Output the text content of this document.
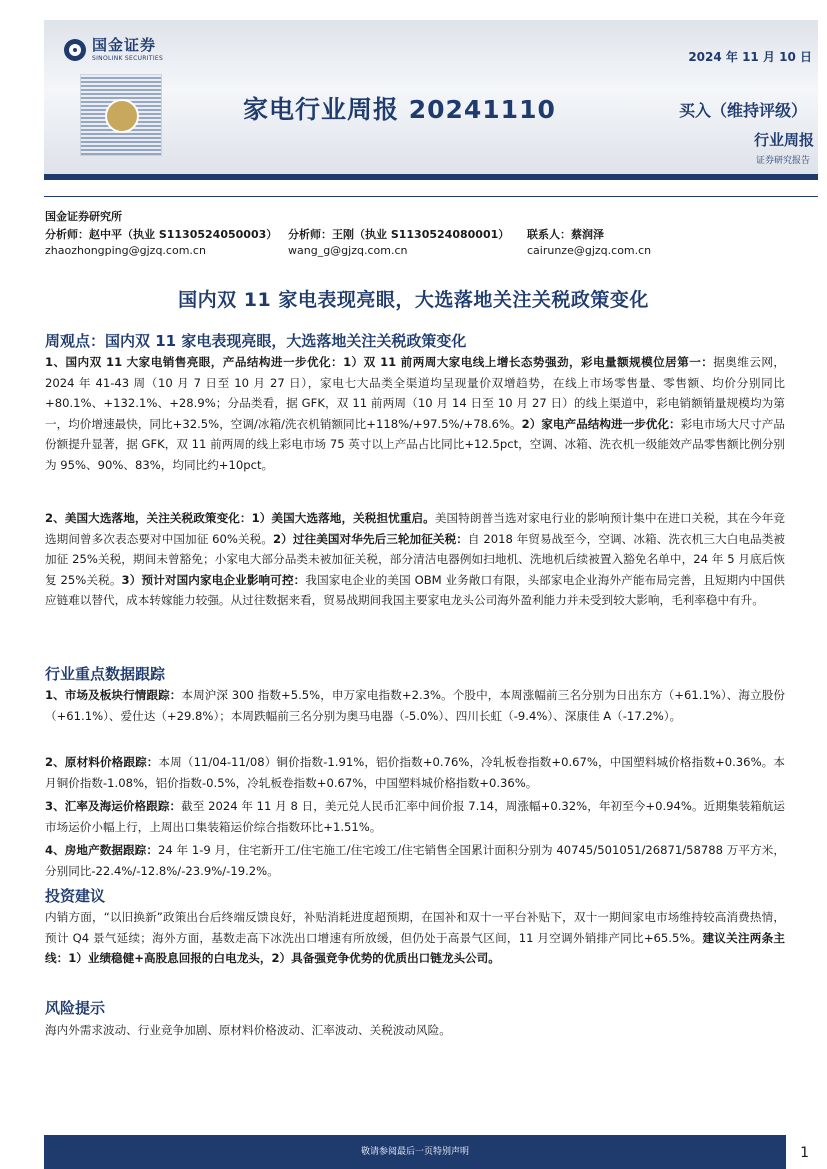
国金证券
SINOLINK SECURITIES	2024 年 11 月 10 日
家电行业周报 20241110	买入（维持评级）
行业周报
证券研究报告
国金证券研究所
分析师：赵中平（执业 S1130524050003） 分析师：王刚（执业 S1130524080001） 联系人：蔡润泽
zhaozhongping@gjzq.com.cn	wang_g@gjzq.com.cn	cairunze@gjzq.com.cn
国内双 11 家电表现亮眼，大选落地关注关税政策变化
周观点：国内双 11 家电表现亮眼，大选落地关注关税政策变化
1、国内双 11 大家电销售亮眼，产品结构进一步优化：1）双 11 前两周大家电线上增长态势强劲，彩电量额规模位居第一：据奥维云网，2024 年 41-43 周（10 月 7 日至 10 月 27 日），家电七大品类全渠道均呈现量价双增趋势，在线上市场零售量、零售额、均价分别同比+80.1%、+132.1%、+28.9%；分品类看，据 GFK，双 11 前两周（10 月 14 日至 10 月 27 日）的线上渠道中，彩电销额销量规模均为第一，均价增速最快，同比+32.5%，空调/冰箱/洗衣机销额同比+118%/+97.5%/+78.6%。2）家电产品结构进一步优化：彩电市场大尺寸产品份额提升显著，据 GFK，双 11 前两周的线上彩电市场 75 英寸以上产品占比同比+12.5pct，空调、冰箱、洗衣机一级能效产品零售额比例分别为 95%、90%、83%，均同比约+10pct。
2、美国大选落地，关注关税政策变化：1）美国大选落地，关税担忧重启。美国特朗普当选对家电行业的影响预计集中在进口关税，其在今年竞选期间曾多次表态要对中国加征 60%关税。2）过往美国对华先后三轮加征关税：自 2018 年贸易战至今，空调、冰箱、洗衣机三大白电品类被加征 25%关税，期间未曾豁免；小家电大部分品类未被加征关税，部分清洁电器例如扫地机、洗地机后续被置入豁免名单中，24 年 5 月底后恢复 25%关税。3）预计对国内家电企业影响可控：我国家电企业的美国 OBM 业务敞口有限，头部家电企业海外产能布局完善，且短期内中国供应链难以替代，成本转嫁能力较强。从过往数据来看，贸易战期间我国主要家电龙头公司海外盈利能力并未受到较大影响，毛利率稳中有升。
行业重点数据跟踪
1、市场及板块行情跟踪：本周沪深 300 指数+5.5%，申万家电指数+2.3%。个股中，本周涨幅前三名分别为日出东方（+61.1%）、海立股份（+61.1%）、爱仕达（+29.8%）；本周跌幅前三名分别为奥马电器（-5.0%）、四川长虹（-9.4%）、深康佳 A（-17.2%）。
2、原材料价格跟踪：本周（11/04-11/08）铜价指数-1.91%，铝价指数+0.76%，冷轧板卷指数+0.67%，中国塑料城价格指数+0.36%。本月铜价指数-1.08%，铝价指数-0.5%，冷轧板卷指数+0.67%，中国塑料城价格指数+0.36%。
3、汇率及海运价格跟踪：截至 2024 年 11 月 8 日，美元兑人民币汇率中间价报 7.14，周涨幅+0.32%，年初至今+0.94%。近期集装箱航运市场运价小幅上行，上周出口集装箱运价综合指数环比+1.51%。
4、房地产数据跟踪：24 年 1-9 月，住宅新开工/住宅施工/住宅竣工/住宅销售全国累计面积分别为 40745/501051/26871/58788 万平方米，分别同比-22.4%/-12.8%/-23.9%/-19.2%。
投资建议
内销方面，“以旧换新”政策出台后终端反馈良好，补贴消耗进度超预期，在国补和双十一平台补贴下，双十一期间家电市场维持较高消费热情，预计 Q4 景气延续；海外方面，基数走高下冰洗出口增速有所放缓，但仍处于高景气区间，11 月空调外销排产同比+65.5%。建议关注两条主线：1）业绩稳健+高股息回报的白电龙头，2）具备强竞争优势的优质出口链龙头公司。
风险提示
海内外需求波动、行业竞争加剧、原材料价格波动、汇率波动、关税波动风险。
敬请参阅最后一页特别声明	1
